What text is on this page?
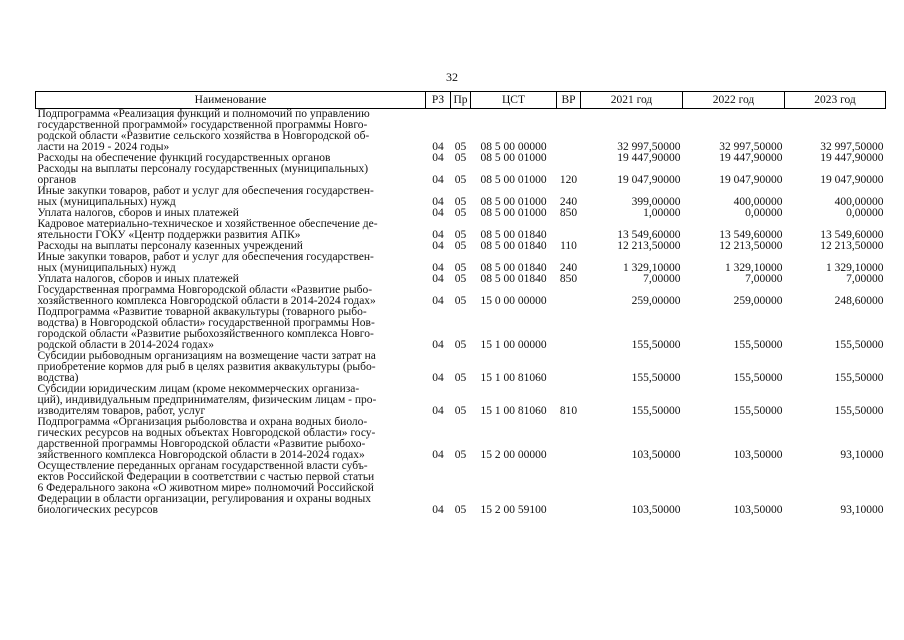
32
Наименование	РЗ	Пр	ЦСТ	ВР	2021 год	2022 год	2023 год

Подпрограмма «Реализация функций и полномочий по управлению
государственной программой» государственной программы Новго-
родской области «Развитие сельского хозяйства в Новгородской об-
ласти на 2019 - 2024 годы»	04	05	08 5 00 00000		32 997,50000	32 997,50000	32 997,50000

Расходы на обеспечение функций государственных органов	04	05	08 5 00 01000		19 447,90000	19 447,90000	19 447,90000

Расходы на выплаты персоналу государственных (муниципальных)
органов	04	05	08 5 00 01000	120	19 047,90000	19 047,90000	19 047,90000

Иные закупки товаров, работ и услуг для обеспечения государствен-
ных (муниципальных) нужд	04	05	08 5 00 01000	240	399,00000	400,00000	400,00000

Уплата налогов, сборов и иных платежей	04	05	08 5 00 01000	850	1,00000	0,00000	0,00000

Кадровое материально-техническое и хозяйственное обеспечение де-
ятельности ГОКУ «Центр поддержки развития АПК»	04	05	08 5 00 01840		13 549,60000	13 549,60000	13 549,60000

Расходы на выплаты персоналу казенных учреждений	04	05	08 5 00 01840	110	12 213,50000	12 213,50000	12 213,50000

Иные закупки товаров, работ и услуг для обеспечения государствен-
ных (муниципальных) нужд	04	05	08 5 00 01840	240	1 329,10000	1 329,10000	1 329,10000

Уплата налогов, сборов и иных платежей	04	05	08 5 00 01840	850	7,00000	7,00000	7,00000

Государственная программа Новгородской области «Развитие рыбо-
хозяйственного комплекса Новгородской области в 2014-2024 годах»	04	05	15 0 00 00000		259,00000	259,00000	248,60000

Подпрограмма «Развитие товарной аквакультуры (товарного рыбо-
водства) в Новгородской области» государственной программы Нов-
городской области «Развитие рыбохозяйственного комплекса Новго-
родской области в 2014-2024 годах»	04	05	15 1 00 00000		155,50000	155,50000	155,50000

Субсидии рыбоводным организациям на возмещение части затрат на
приобретение кормов для рыб в целях развития аквакультуры (рыбо-
водства)	04	05	15 1 00 81060		155,50000	155,50000	155,50000

Субсидии юридическим лицам (кроме некоммерческих организа-
ций), индивидуальным предпринимателям, физическим лицам - про-
изводителям товаров, работ, услуг	04	05	15 1 00 81060	810	155,50000	155,50000	155,50000

Подпрограмма «Организация рыболовства и охрана водных биоло-
гических ресурсов на водных объектах Новгородской области» госу-
дарственной программы Новгородской области «Развитие рыбохо-
зяйственного комплекса Новгородской области в 2014-2024 годах»	04	05	15 2 00 00000		103,50000	103,50000	93,10000

Осуществление переданных органам государственной власти субъ-
ектов Российской Федерации в соответствии с частью первой статьи
6 Федерального закона «О животном мире» полномочий Российской
Федерации в области организации, регулирования и охраны водных
биологических ресурсов	04	05	15 2 00 59100		103,50000	103,50000	93,10000
